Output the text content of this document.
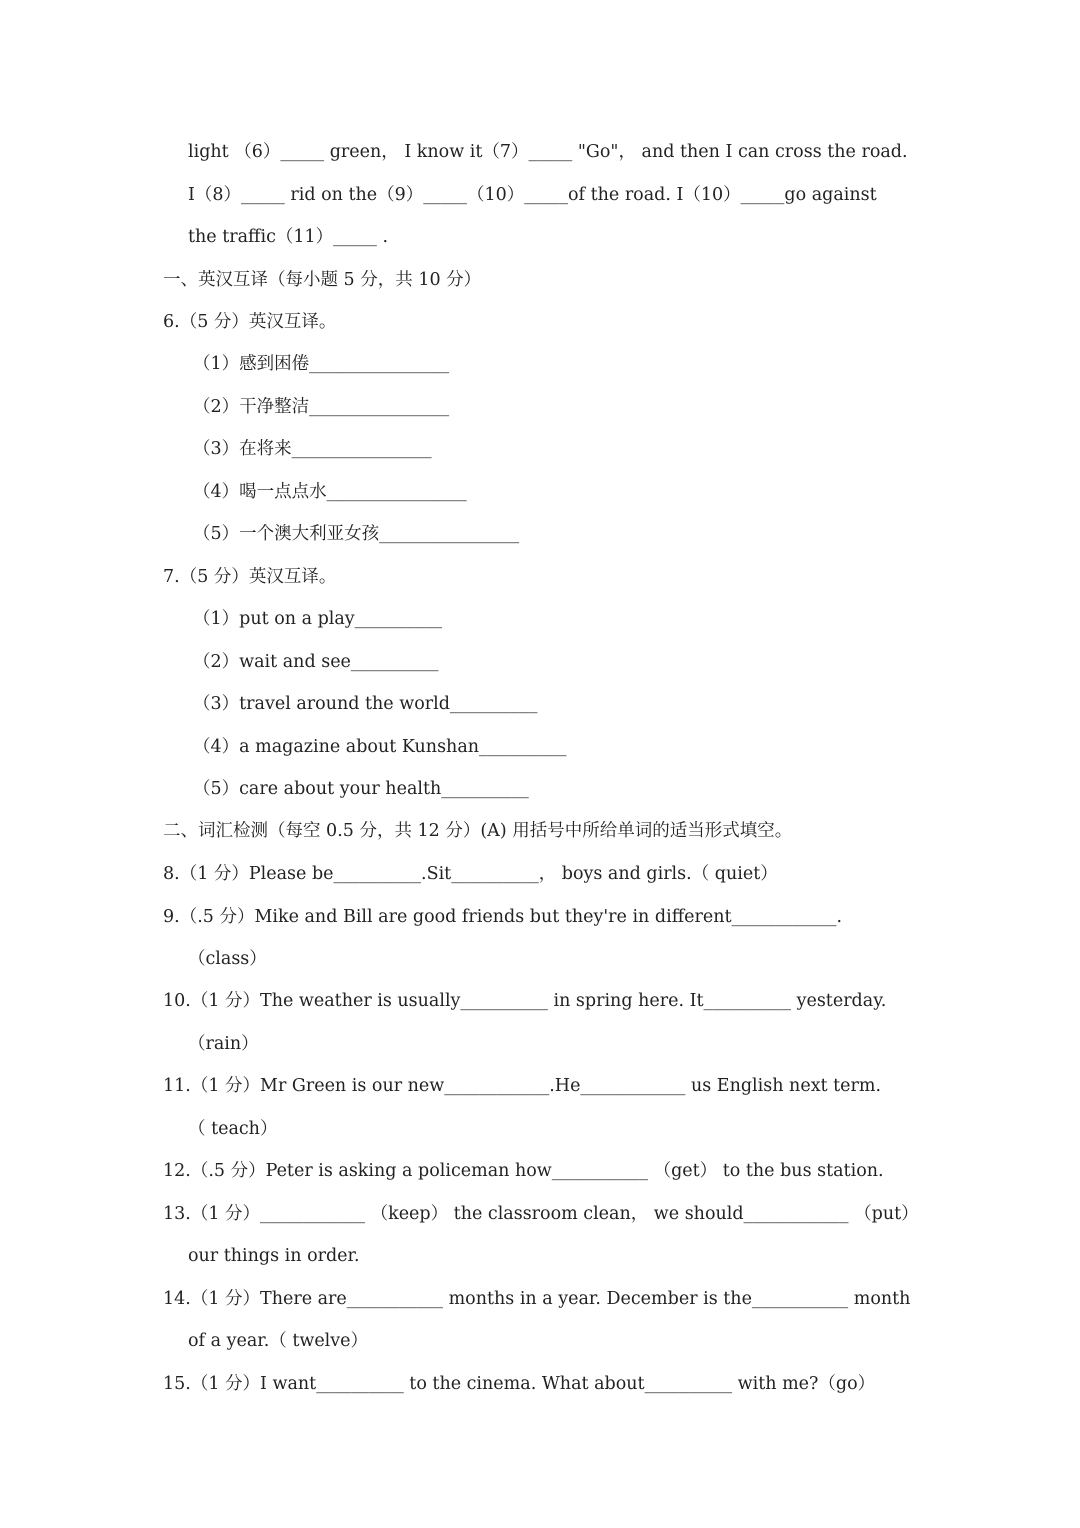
light （6）_____ green， I know it（7）_____ "Go"， and then I can cross the road.
I（8）_____ rid on the（9）_____（10）_____of the road. I（10）_____go against
the traffic（11）_____ .
一、英汉互译（每小题 5 分，共 10 分）
6.（5 分）英汉互译。
（1）感到困倦________________
（2）干净整洁________________
（3）在将来________________
（4）喝一点点水________________
（5）一个澳大利亚女孩________________
7.（5 分）英汉互译。
（1）put on a play__________
（2）wait and see__________
（3）travel around the world__________
（4）a magazine about Kunshan__________
（5）care about your health__________
二、词汇检测（每空 0.5 分，共 12 分）(A) 用括号中所给单词的适当形式填空。
8.（1 分）Please be__________.Sit__________， boys and girls.（ quiet）
9.（.5 分）Mike and Bill are good friends but they're in different____________.
（class）
10.（1 分）The weather is usually__________ in spring here. It__________ yesterday.
（rain）
11.（1 分）Mr Green is our new____________.He____________ us English next term.
（ teach）
12.（.5 分）Peter is asking a policeman how___________ （get） to the bus station.
13.（1 分）____________ （keep） the classroom clean， we should____________ （put）
our things in order.
14.（1 分）There are___________ months in a year. December is the___________ month
of a year.（ twelve）
15.（1 分）I want__________ to the cinema. What about__________ with me?（go）
